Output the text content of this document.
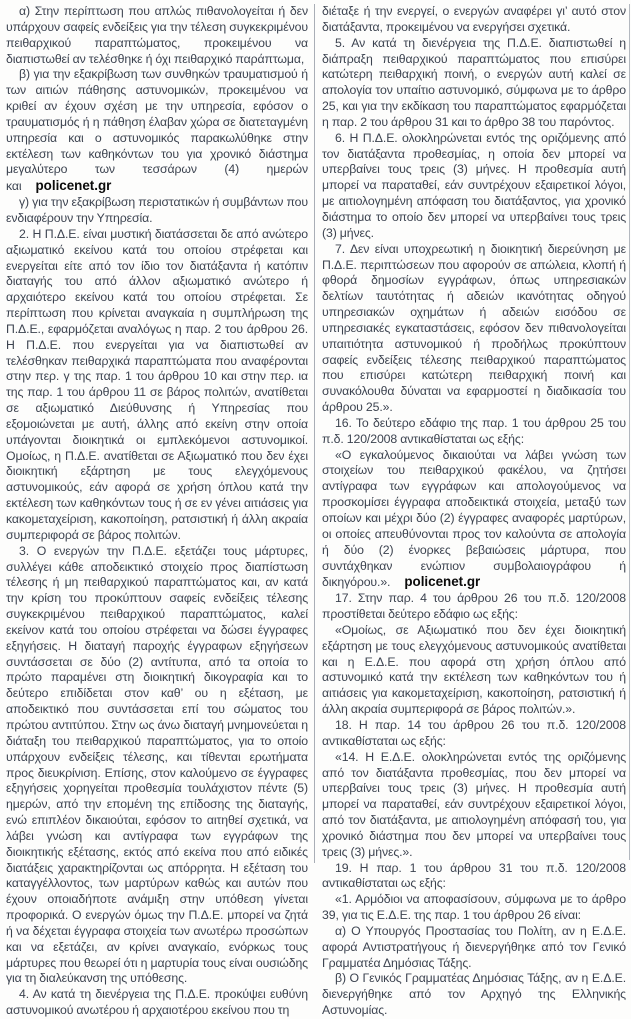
α) Στην περίπτωση που απλώς πιθανολογείται ή δεν υπάρχουν σαφείς ενδείξεις για την τέλεση συγκεκριμένου πειθαρχικού παραπτώματος, προκειμένου να διαπιστωθεί αν τελέσθηκε ή όχι πειθαρχικό παράπτωμα,

β) για την εξακρίβωση των συνθηκών τραυματισμού ή των αιτιών πάθησης αστυνομικών, προκειμένου να κριθεί αν έχουν σχέση με την υπηρεσία, εφόσον ο τραυματισμός ή η πάθηση έλαβαν χώρα σε διατεταγμένη υπηρεσία και ο αστυνομικός παρακωλύθηκε στην εκτέλεση των καθηκόντων του για χρονικό διάστημα μεγαλύτερο των τεσσάρων (4) ημερών και policenet.gr

γ) για την εξακρίβωση περιστατικών ή συμβάντων που ενδιαφέρουν την Υπηρεσία.

2. Η Π.Δ.Ε. είναι μυστική διατάσσεται δε από ανώτερο αξιωματικό εκείνου κατά του οποίου στρέφεται και ενεργείται είτε από τον ίδιο τον διατάξαντα ή κατόπιν διαταγής του από άλλον αξιωματικό ανώτερο ή αρχαιότερο εκείνου κατά του οποίου στρέφεται. Σε περίπτωση που κρίνεται αναγκαία η συμπλήρωση της Π.Δ.Ε., εφαρμόζεται αναλόγως η παρ. 2 του άρθρου 26. Η Π.Δ.Ε. που ενεργείται για να διαπιστωθεί αν τελέσθηκαν πειθαρχικά παραπτώματα που αναφέρονται στην περ. γ της παρ. 1 του άρθρου 10 και στην περ. ια της παρ. 1 του άρθρου 11 σε βάρος πολιτών, ανατίθεται σε αξιωματικό Διεύθυνσης ή Υπηρεσίας που εξομοιώνεται με αυτή, άλλης από εκείνη στην οποία υπάγονται διοικητικά οι εμπλεκόμενοι αστυνομικοί. Ομοίως, η Π.Δ.Ε. ανατίθεται σε Αξιωματικό που δεν έχει διοικητική εξάρτηση με τους ελεγχόμενους αστυνομικούς, εάν αφορά σε χρήση όπλου κατά την εκτέλεση των καθηκόντων τους ή σε εν γένει αιτιάσεις για κακομεταχείριση, κακοποίηση, ρατσιστική ή άλλη ακραία συμπεριφορά σε βάρος πολιτών.

3. Ο ενεργών την Π.Δ.Ε. εξετάζει τους μάρτυρες, συλλέγει κάθε αποδεικτικό στοιχείο προς διαπίστωση τέλεσης ή μη πειθαρχικού παραπτώματος και, αν κατά την κρίση του προκύπτουν σαφείς ενδείξεις τέλεσης συγκεκριμένου πειθαρχικού παραπτώματος, καλεί εκείνον κατά του οποίου στρέφεται να δώσει έγγραφες εξηγήσεις. Η διαταγή παροχής έγγραφων εξηγήσεων συντάσσεται σε δύο (2) αντίτυπα, από τα οποία το πρώτο παραμένει στη διοικητική δικογραφία και το δεύτερο επιδίδεται στον καθ’ ου η εξέταση, με αποδεικτικό που συντάσσεται επί του σώματος του πρώτου αντιτύπου. Στην ως άνω διαταγή μνημονεύεται η διάταξη του πειθαρχικού παραπτώματος, για το οποίο υπάρχουν ενδείξεις τέλεσης, και τίθενται ερωτήματα προς διευκρίνιση. Επίσης, στον καλούμενο σε έγγραφες εξηγήσεις χορηγείται προθεσμία τουλάχιστον πέντε (5) ημερών, από την επομένη της επίδοσης της διαταγής, ενώ επιπλέον δικαιούται, εφόσον το αιτηθεί σχετικά, να λάβει γνώση και αντίγραφα των εγγράφων της διοικητικής εξέτασης, εκτός από εκείνα που από ειδικές διατάξεις χαρακτηρίζονται ως απόρρητα. Η εξέταση του καταγγέλλοντος, των μαρτύρων καθώς και αυτών που έχουν οποιαδήποτε ανάμιξη στην υπόθεση γίνεται προφορικά. Ο ενεργών όμως την Π.Δ.Ε. μπορεί να ζητά ή να δέχεται έγγραφα στοιχεία των ανωτέρω προσώπων και να εξετάζει, αν κρίνει αναγκαίο, ενόρκως τους μάρτυρες που θεωρεί ότι η μαρτυρία τους είναι ουσιώδης για τη διαλεύκανση της υπόθεσης.

4. Αν κατά τη διενέργεια της Π.Δ.Ε. προκύψει ευθύνη αστυνομικού ανωτέρου ή αρχαιοτέρου εκείνου που τη

διέταξε ή την ενεργεί, ο ενεργών αναφέρει γι’ αυτό στον διατάξαντα, προκειμένου να ενεργήσει σχετικά.

5. Αν κατά τη διενέργεια της Π.Δ.Ε. διαπιστωθεί η διάπραξη πειθαρχικού παραπτώματος που επισύρει κατώτερη πειθαρχική ποινή, ο ενεργών αυτή καλεί σε απολογία τον υπαίτιο αστυνομικό, σύμφωνα με το άρθρο 25, και για την εκδίκαση του παραπτώματος εφαρμόζεται η παρ. 2 του άρθρου 31 και το άρθρο 38 του παρόντος.

6. Η Π.Δ.Ε. ολοκληρώνεται εντός της οριζόμενης από τον διατάξαντα προθεσμίας, η οποία δεν μπορεί να υπερβαίνει τους τρεις (3) μήνες. Η προθεσμία αυτή μπορεί να παραταθεί, εάν συντρέχουν εξαιρετικοί λόγοι, με αιτιολογημένη απόφαση του διατάξαντος, για χρονικό διάστημα το οποίο δεν μπορεί να υπερβαίνει τους τρεις (3) μήνες.

7. Δεν είναι υποχρεωτική η διοικητική διερεύνηση με Π.Δ.Ε. περιπτώσεων που αφορούν σε απώλεια, κλοπή ή φθορά δημοσίων εγγράφων, όπως υπηρεσιακών δελτίων ταυτότητας ή αδειών ικανότητας οδηγού υπηρεσιακών οχημάτων ή αδειών εισόδου σε υπηρεσιακές εγκαταστάσεις, εφόσον δεν πιθανολογείται υπαιτιότητα αστυνομικού ή προδήλως προκύπτουν σαφείς ενδείξεις τέλεσης πειθαρχικού παραπτώματος που επισύρει κατώτερη πειθαρχική ποινή και συνακόλουθα δύναται να εφαρμοστεί η διαδικασία του άρθρου 25.».

16. Το δεύτερο εδάφιο της παρ. 1 του άρθρου 25 του π.δ. 120/2008 αντικαθίσταται ως εξής:

«Ο εγκαλούμενος δικαιούται να λάβει γνώση των στοιχείων του πειθαρχικού φακέλου, να ζητήσει αντίγραφα των εγγράφων και απολογούμενος να προσκομίσει έγγραφα αποδεικτικά στοιχεία, μεταξύ των οποίων και μέχρι δύο (2) έγγραφες αναφορές μαρτύρων, οι οποίες απευθύνονται προς τον καλούντα σε απολογία ή δύο (2) ένορκες βεβαιώσεις μάρτυρα, που συντάχθηκαν ενώπιον συμβολαιογράφου ή δικηγόρου.». policenet.gr

17. Στην παρ. 4 του άρθρου 26 του π.δ. 120/2008 προστίθεται δεύτερο εδάφιο ως εξής:

«Ομοίως, σε Αξιωματικό που δεν έχει διοικητική εξάρτηση με τους ελεγχόμενους αστυνομικούς ανατίθεται και η Ε.Δ.Ε. που αφορά στη χρήση όπλου από αστυνομικό κατά την εκτέλεση των καθηκόντων του ή αιτιάσεις για κακομεταχείριση, κακοποίηση, ρατσιστική ή άλλη ακραία συμπεριφορά σε βάρος πολιτών.».

18. Η παρ. 14 του άρθρου 26 του π.δ. 120/2008 αντικαθίσταται ως εξής:

«14. Η Ε.Δ.Ε. ολοκληρώνεται εντός της οριζόμενης από τον διατάξαντα προθεσμίας, που δεν μπορεί να υπερβαίνει τους τρεις (3) μήνες. Η προθεσμία αυτή μπορεί να παραταθεί, εάν συντρέχουν εξαιρετικοί λόγοι, από τον διατάξαντα, με αιτιολογημένη απόφασή του, για χρονικό διάστημα που δεν μπορεί να υπερβαίνει τους τρεις (3) μήνες.».

19. Η παρ. 1 του άρθρου 31 του π.δ. 120/2008 αντικαθίσταται ως εξής:

«1. Αρμόδιοι να αποφασίσουν, σύμφωνα με το άρθρο 39, για τις Ε.Δ.Ε. της παρ. 1 του άρθρου 26 είναι:

α) Ο Υπουργός Προστασίας του Πολίτη, αν η Ε.Δ.Ε. αφορά Αντιστρατήγους ή διενεργήθηκε από τον Γενικό Γραμματέα Δημόσιας Τάξης.

β) Ο Γενικός Γραμματέας Δημόσιας Τάξης, αν η Ε.Δ.Ε. διενεργήθηκε από τον Αρχηγό της Ελληνικής Αστυνομίας.
